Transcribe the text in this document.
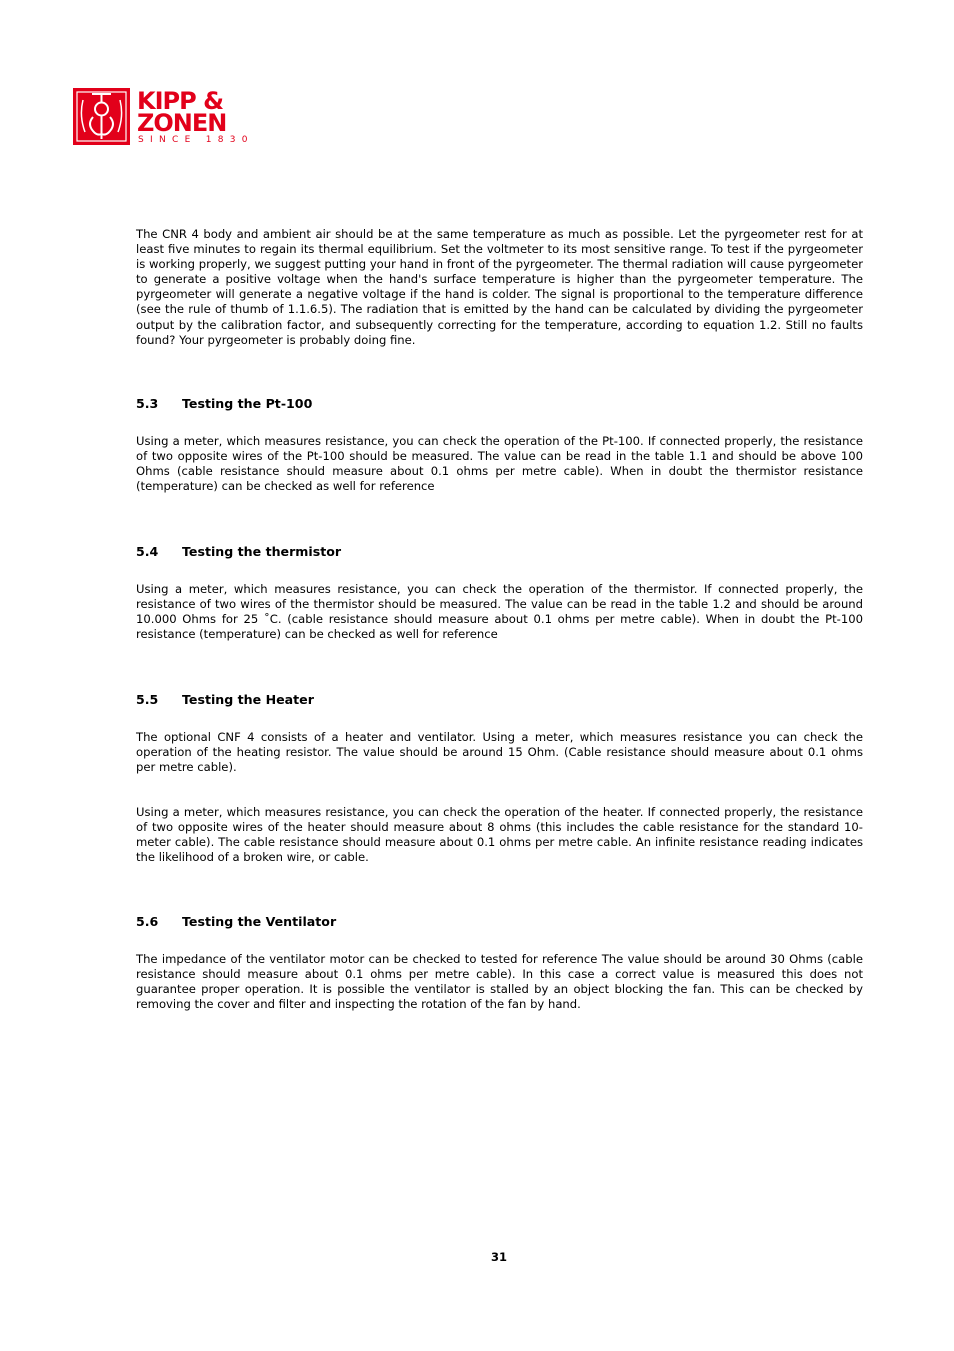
KIPP &
ZONEN
SINCE 1830

The CNR 4 body and ambient air should be at the same temperature as much as possible. Let the pyrgeometer rest for at least five minutes to regain its thermal equilibrium. Set the voltmeter to its most sensitive range. To test if the pyrgeometer is working properly, we suggest putting your hand in front of the pyrgeometer. The thermal radiation will cause pyrgeometer to generate a positive voltage when the hand's surface temperature is higher than the pyrgeometer temperature. The pyrgeometer will generate a negative voltage if the hand is colder. The signal is proportional to the temperature difference (see the rule of thumb of 1.1.6.5). The radiation that is emitted by the hand can be calculated by dividing the pyrgeometer output by the calibration factor, and subsequently correcting for the temperature, according to equation 1.2. Still no faults found? Your pyrgeometer is probably doing fine.

5.3	Testing the Pt-100

Using a meter, which measures resistance, you can check the operation of the Pt-100. If connected properly, the resistance of two opposite wires of the Pt-100 should be measured. The value can be read in the table 1.1 and should be above 100 Ohms (cable resistance should measure about 0.1 ohms per metre cable). When in doubt the thermistor resistance (temperature) can be checked as well for reference

5.4	Testing the thermistor

Using a meter, which measures resistance, you can check the operation of the thermistor. If connected properly, the resistance of two wires of the thermistor should be measured. The value can be read in the table 1.2 and should be around 10.000 Ohms for 25 ˚C. (cable resistance should measure about 0.1 ohms per metre cable). When in doubt the Pt-100 resistance (temperature) can be checked as well for reference

5.5	Testing the Heater

The optional CNF 4 consists of a heater and ventilator. Using a meter, which measures resistance you can check the operation of the heating resistor. The value should be around 15 Ohm. (Cable resistance should measure about 0.1 ohms per metre cable).

Using a meter, which measures resistance, you can check the operation of the heater. If connected properly, the resistance of two opposite wires of the heater should measure about 8 ohms (this includes the cable resistance for the standard 10-meter cable). The cable resistance should measure about 0.1 ohms per metre cable. An infinite resistance reading indicates the likelihood of a broken wire, or cable.

5.6	Testing the Ventilator

The impedance of the ventilator motor can be checked to tested for reference The value should be around 30 Ohms (cable resistance should measure about 0.1 ohms per metre cable). In this case a correct value is measured this does not guarantee proper operation. It is possible the ventilator is stalled by an object blocking the fan. This can be checked by removing the cover and filter and inspecting the rotation of the fan by hand.

31
